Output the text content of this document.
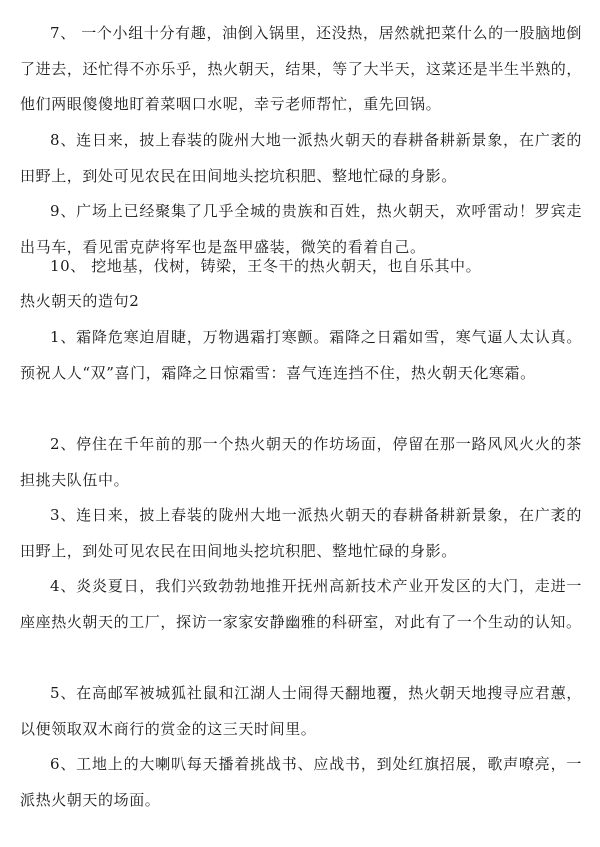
7、 一个小组十分有趣，油倒入锅里，还没热，居然就把菜什么的一股脑地倒了进去，还忙得不亦乐乎，热火朝天，结果，等了大半天，这菜还是半生半熟的，他们两眼傻傻地盯着菜咽口水呢，幸亏老师帮忙，重先回锅。

8、连日来，披上春装的陇州大地一派热火朝天的春耕备耕新景象，在广袤的田野上，到处可见农民在田间地头挖坑积肥、整地忙碌的身影。

9、广场上已经聚集了几乎全城的贵族和百姓，热火朝天，欢呼雷动！罗宾走出马车，看见雷克萨将军也是盔甲盛装，微笑的看着自己。

10、 挖地基，伐树，铸梁，王冬干的热火朝天，也自乐其中。

热火朝天的造句2

1、霜降危寒迫眉睫，万物遇霜打寒颤。霜降之日霜如雪，寒气逼人太认真。预祝人人“双”喜门，霜降之日惊霜雪：喜气连连挡不住，热火朝天化寒霜。

2、停住在千年前的那一个热火朝天的作坊场面，停留在那一路风风火火的茶担挑夫队伍中。

3、连日来，披上春装的陇州大地一派热火朝天的春耕备耕新景象，在广袤的田野上，到处可见农民在田间地头挖坑积肥、整地忙碌的身影。

4、炎炎夏日，我们兴致勃勃地推开抚州高新技术产业开发区的大门，走进一座座热火朝天的工厂，探访一家家安静幽雅的科研室，对此有了一个生动的认知。

5、在高邮军被城狐社鼠和江湖人士闹得天翻地覆，热火朝天地搜寻应君蕙，以便领取双木商行的赏金的这三天时间里。

6、工地上的大喇叭每天播着挑战书、应战书，到处红旗招展，歌声嘹亮，一派热火朝天的场面。
